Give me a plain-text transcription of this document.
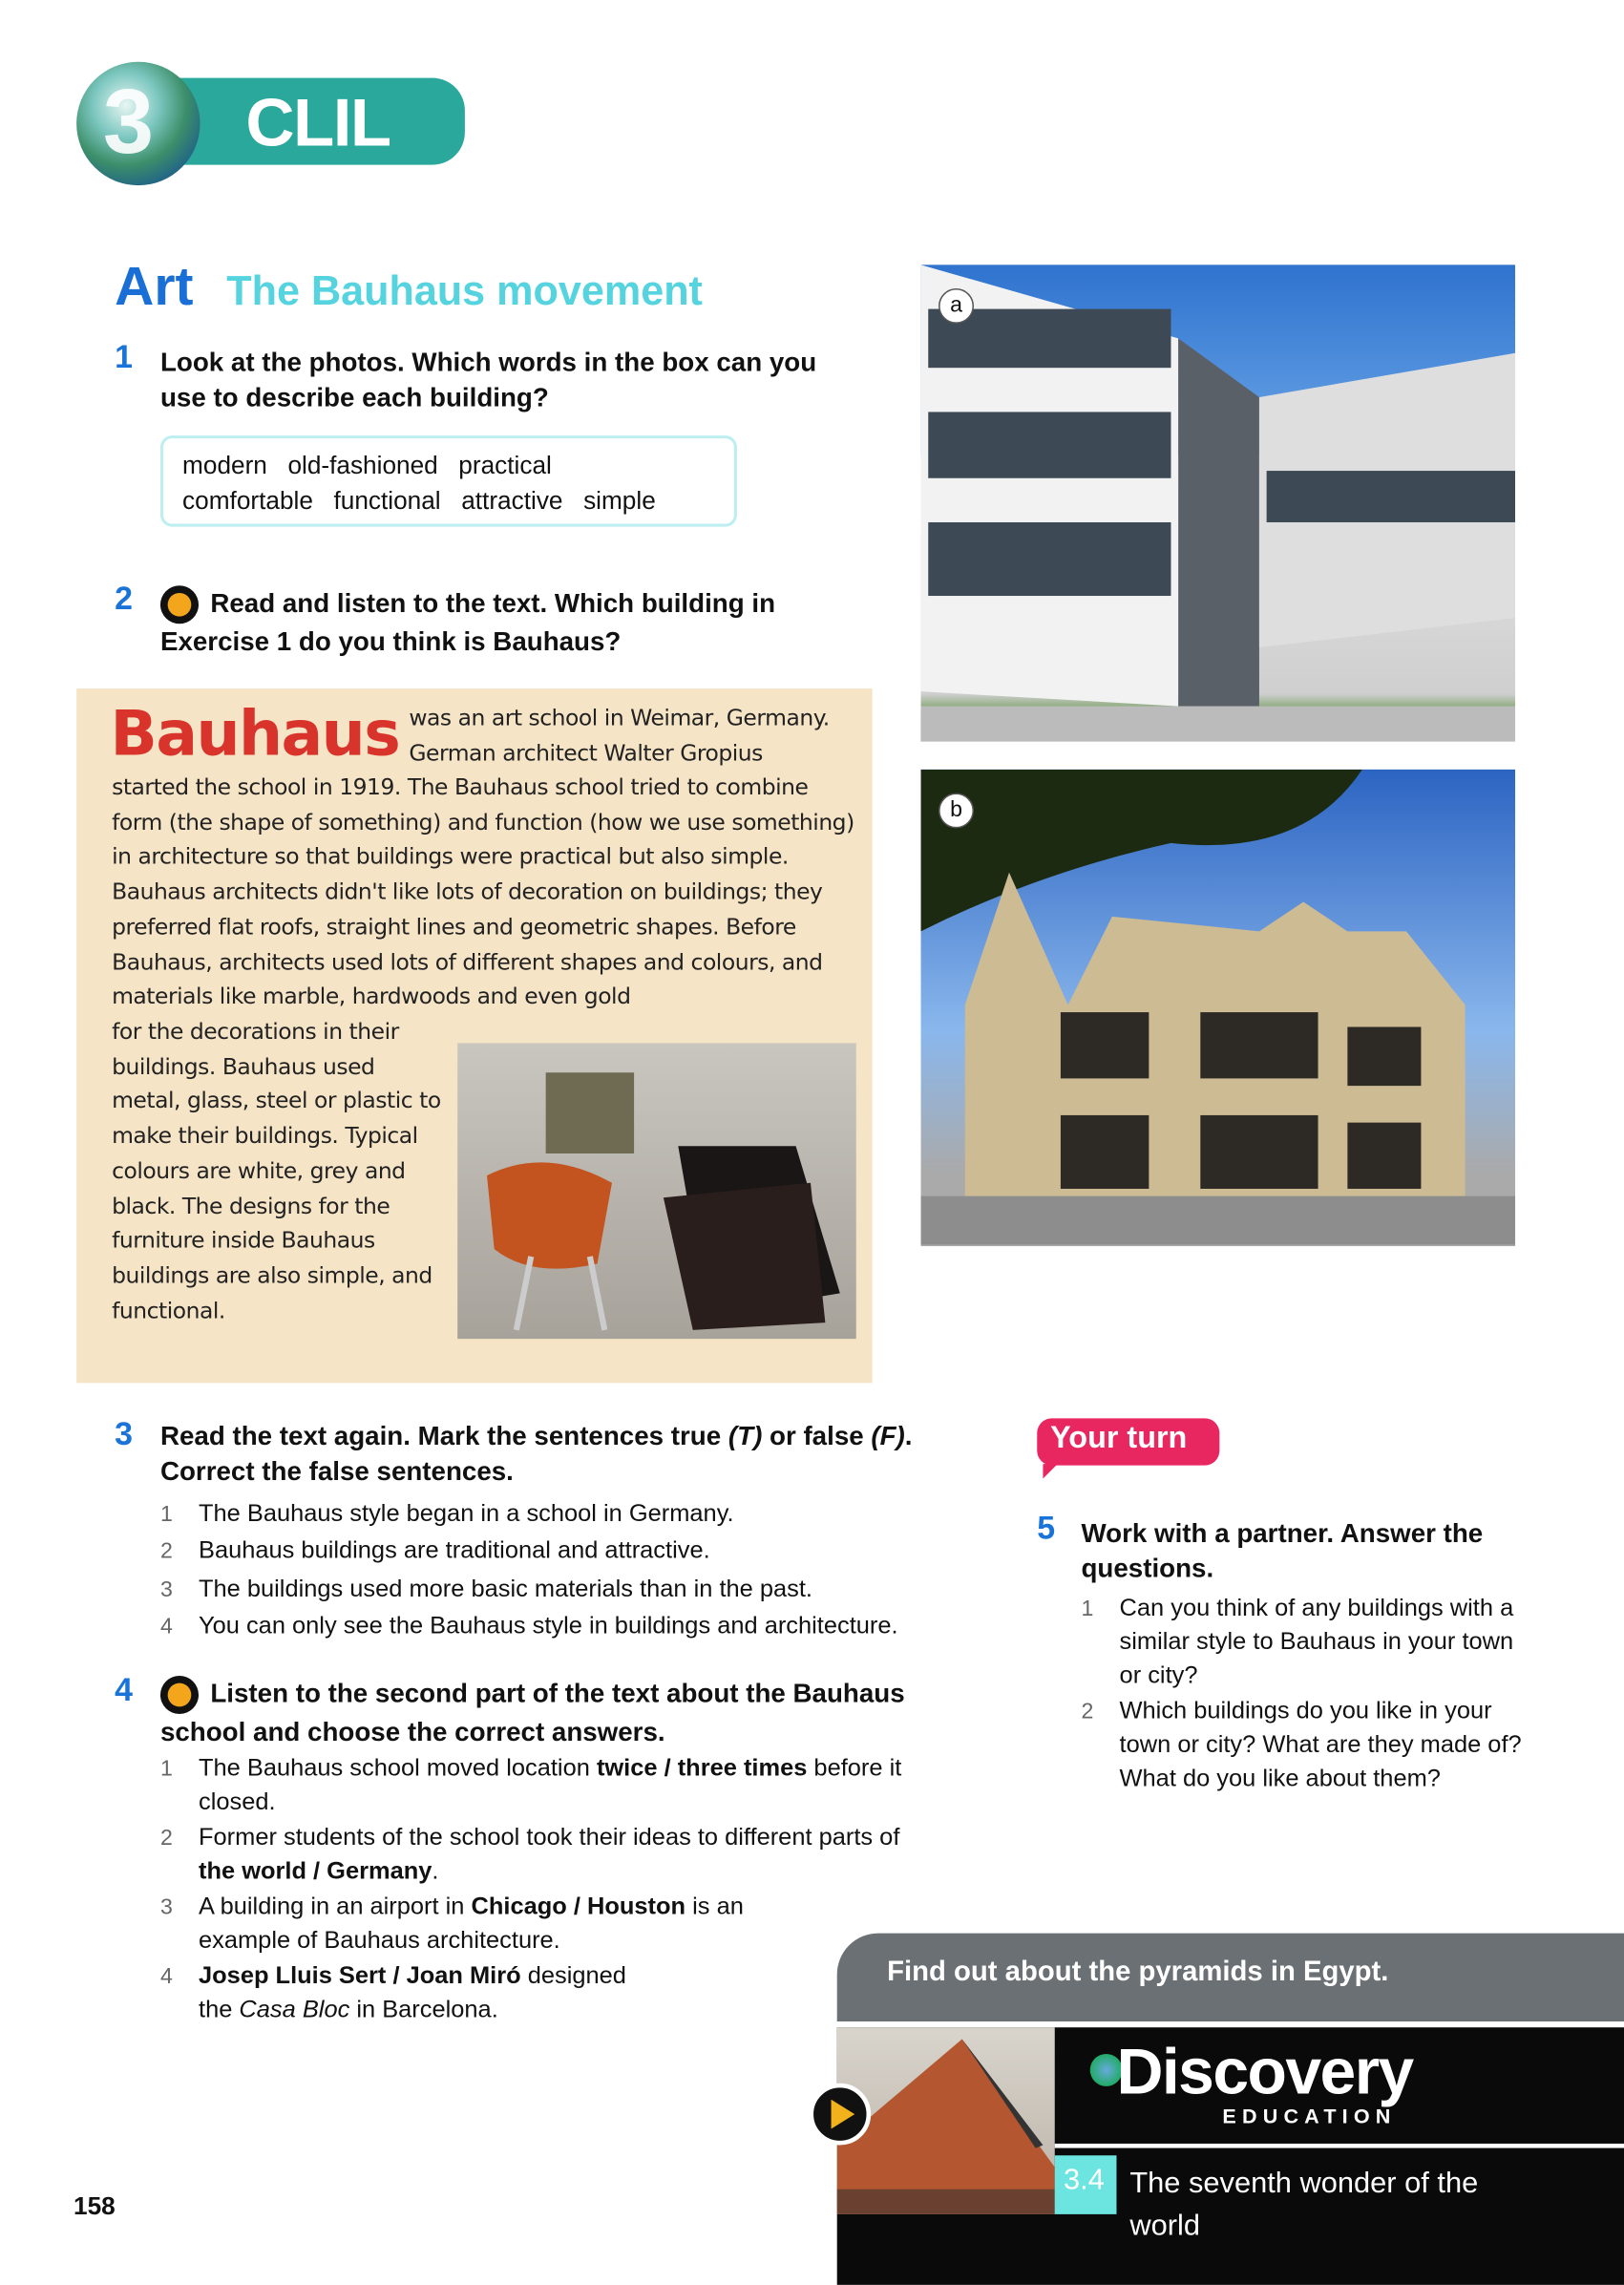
3 CLIL
Art The Bauhaus movement
1 Look at the photos. Which words in the box can you use to describe each building?
modern old-fashioned practical
comfortable functional attractive simple
2	Read and listen to the text. Which building in Exercise 1 do you think is Bauhaus?
Bauhaus was an art school in Weimar, Germany. German architect Walter Gropius
started the school in 1919. The Bauhaus school tried to combine form (the shape of something) and function (how we use something) in architecture so that buildings were practical but also simple. Bauhaus architects didn't like lots of decoration on buildings; they preferred flat roofs, straight lines and geometric shapes. Before Bauhaus, architects used lots of different shapes and colours, and materials like marble, hardwoods and even gold
for the decorations in their buildings. Bauhaus used metal, glass, steel or plastic to make their buildings. Typical colours are white, grey and black. The designs for the furniture inside Bauhaus buildings are also simple, and functional.
a
b
3 Read the text again. Mark the sentences true (T) or false (F). Correct the false sentences.
1	The Bauhaus style began in a school in Germany.
2	Bauhaus buildings are traditional and attractive.
3	The buildings used more basic materials than in the past.
4	You can only see the Bauhaus style in buildings and architecture.
4	Listen to the second part of the text about the Bauhaus school and choose the correct answers.
1	The Bauhaus school moved location twice / three times before it closed.
2	Former students of the school took their ideas to different parts of the world / Germany.
3	A building in an airport in Chicago / Houston is an example of Bauhaus architecture.
4	Josep Lluis Sert / Joan Miró designed the Casa Bloc in Barcelona.
Your turn
5 Work with a partner. Answer the questions.
1	Can you think of any buildings with a similar style to Bauhaus in your town or city?
2	Which buildings do you like in your town or city? What are they made of? What do you like about them?
Find out about the pyramids in Egypt.
Discovery
EDUCATION
3.4	The seventh wonder of the world
158
